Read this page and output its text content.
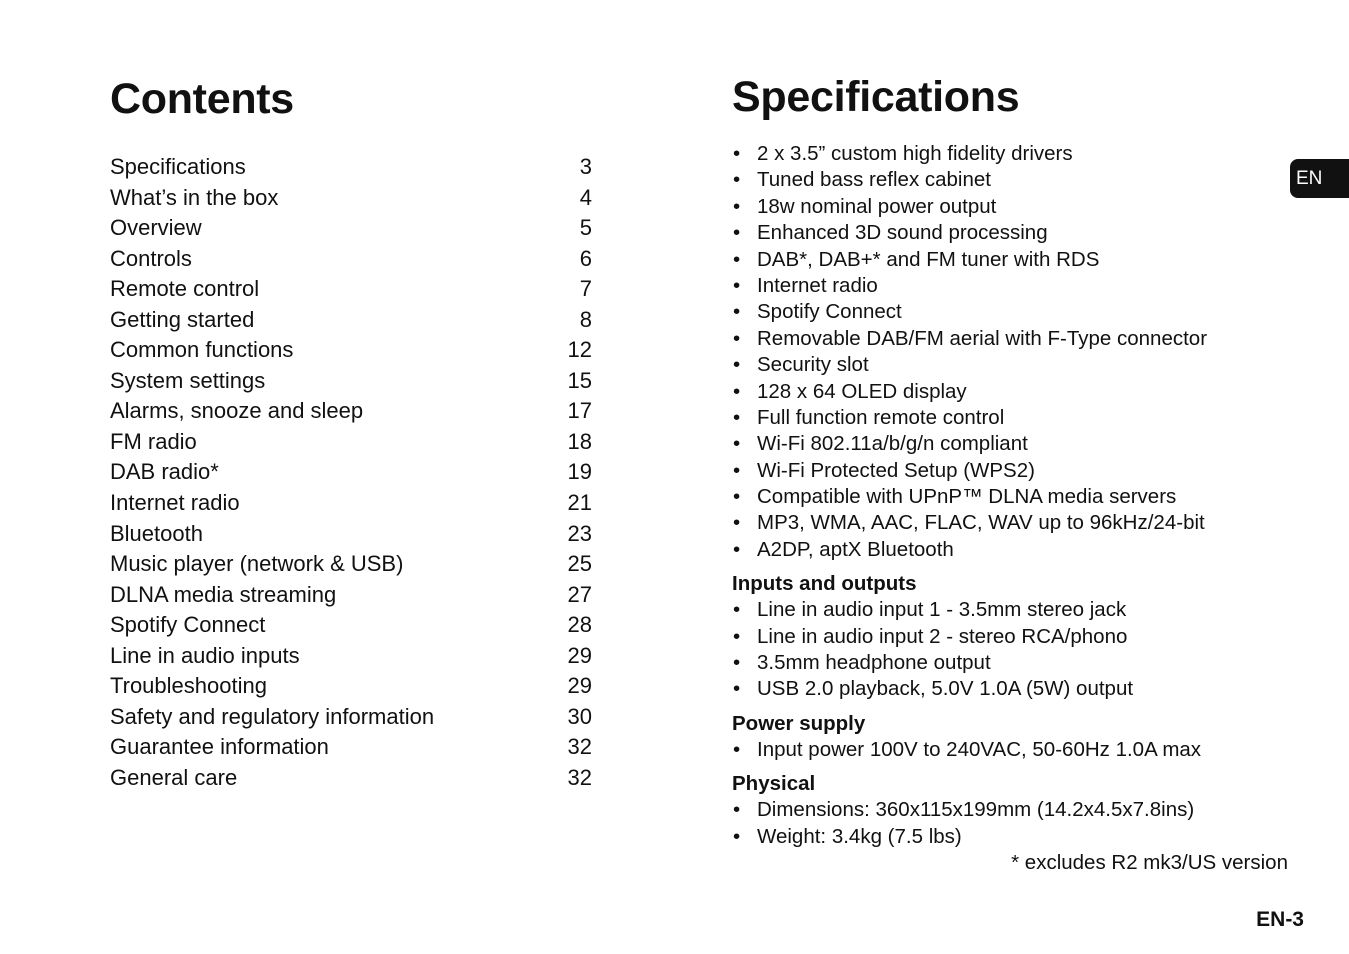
Contents
Specifications	3
What’s in the box	4
Overview	5
Controls	6
Remote control	7
Getting started	8
Common functions	12
System settings	15
Alarms, snooze and sleep	17
FM radio	18
DAB radio*	19
Internet radio	21
Bluetooth	23
Music player (network & USB)	25
DLNA media streaming	27
Spotify Connect	28
Line in audio inputs	29
Troubleshooting	29
Safety and regulatory information	30
Guarantee information	32
General care	32
Specifications
• 2 x 3.5” custom high fidelity drivers
• Tuned bass reflex cabinet
• 18w nominal power output
• Enhanced 3D sound processing
• DAB*, DAB+* and FM tuner with RDS
• Internet radio
• Spotify Connect
• Removable DAB/FM aerial with F-Type connector
• Security slot
• 128 x 64 OLED display
• Full function remote control
• Wi-Fi 802.11a/b/g/n compliant
• Wi-Fi Protected Setup (WPS2)
• Compatible with UPnP™ DLNA media servers
• MP3, WMA, AAC, FLAC, WAV up to 96kHz/24-bit
• A2DP, aptX Bluetooth
Inputs and outputs
• Line in audio input 1 - 3.5mm stereo jack
• Line in audio input 2 - stereo RCA/phono
• 3.5mm headphone output
• USB 2.0 playback, 5.0V 1.0A (5W) output
Power supply
• Input power 100V to 240VAC, 50-60Hz 1.0A max
Physical
• Dimensions: 360x115x199mm (14.2x4.5x7.8ins)
• Weight: 3.4kg (7.5 lbs)
* excludes R2 mk3/US version
EN
EN-3
